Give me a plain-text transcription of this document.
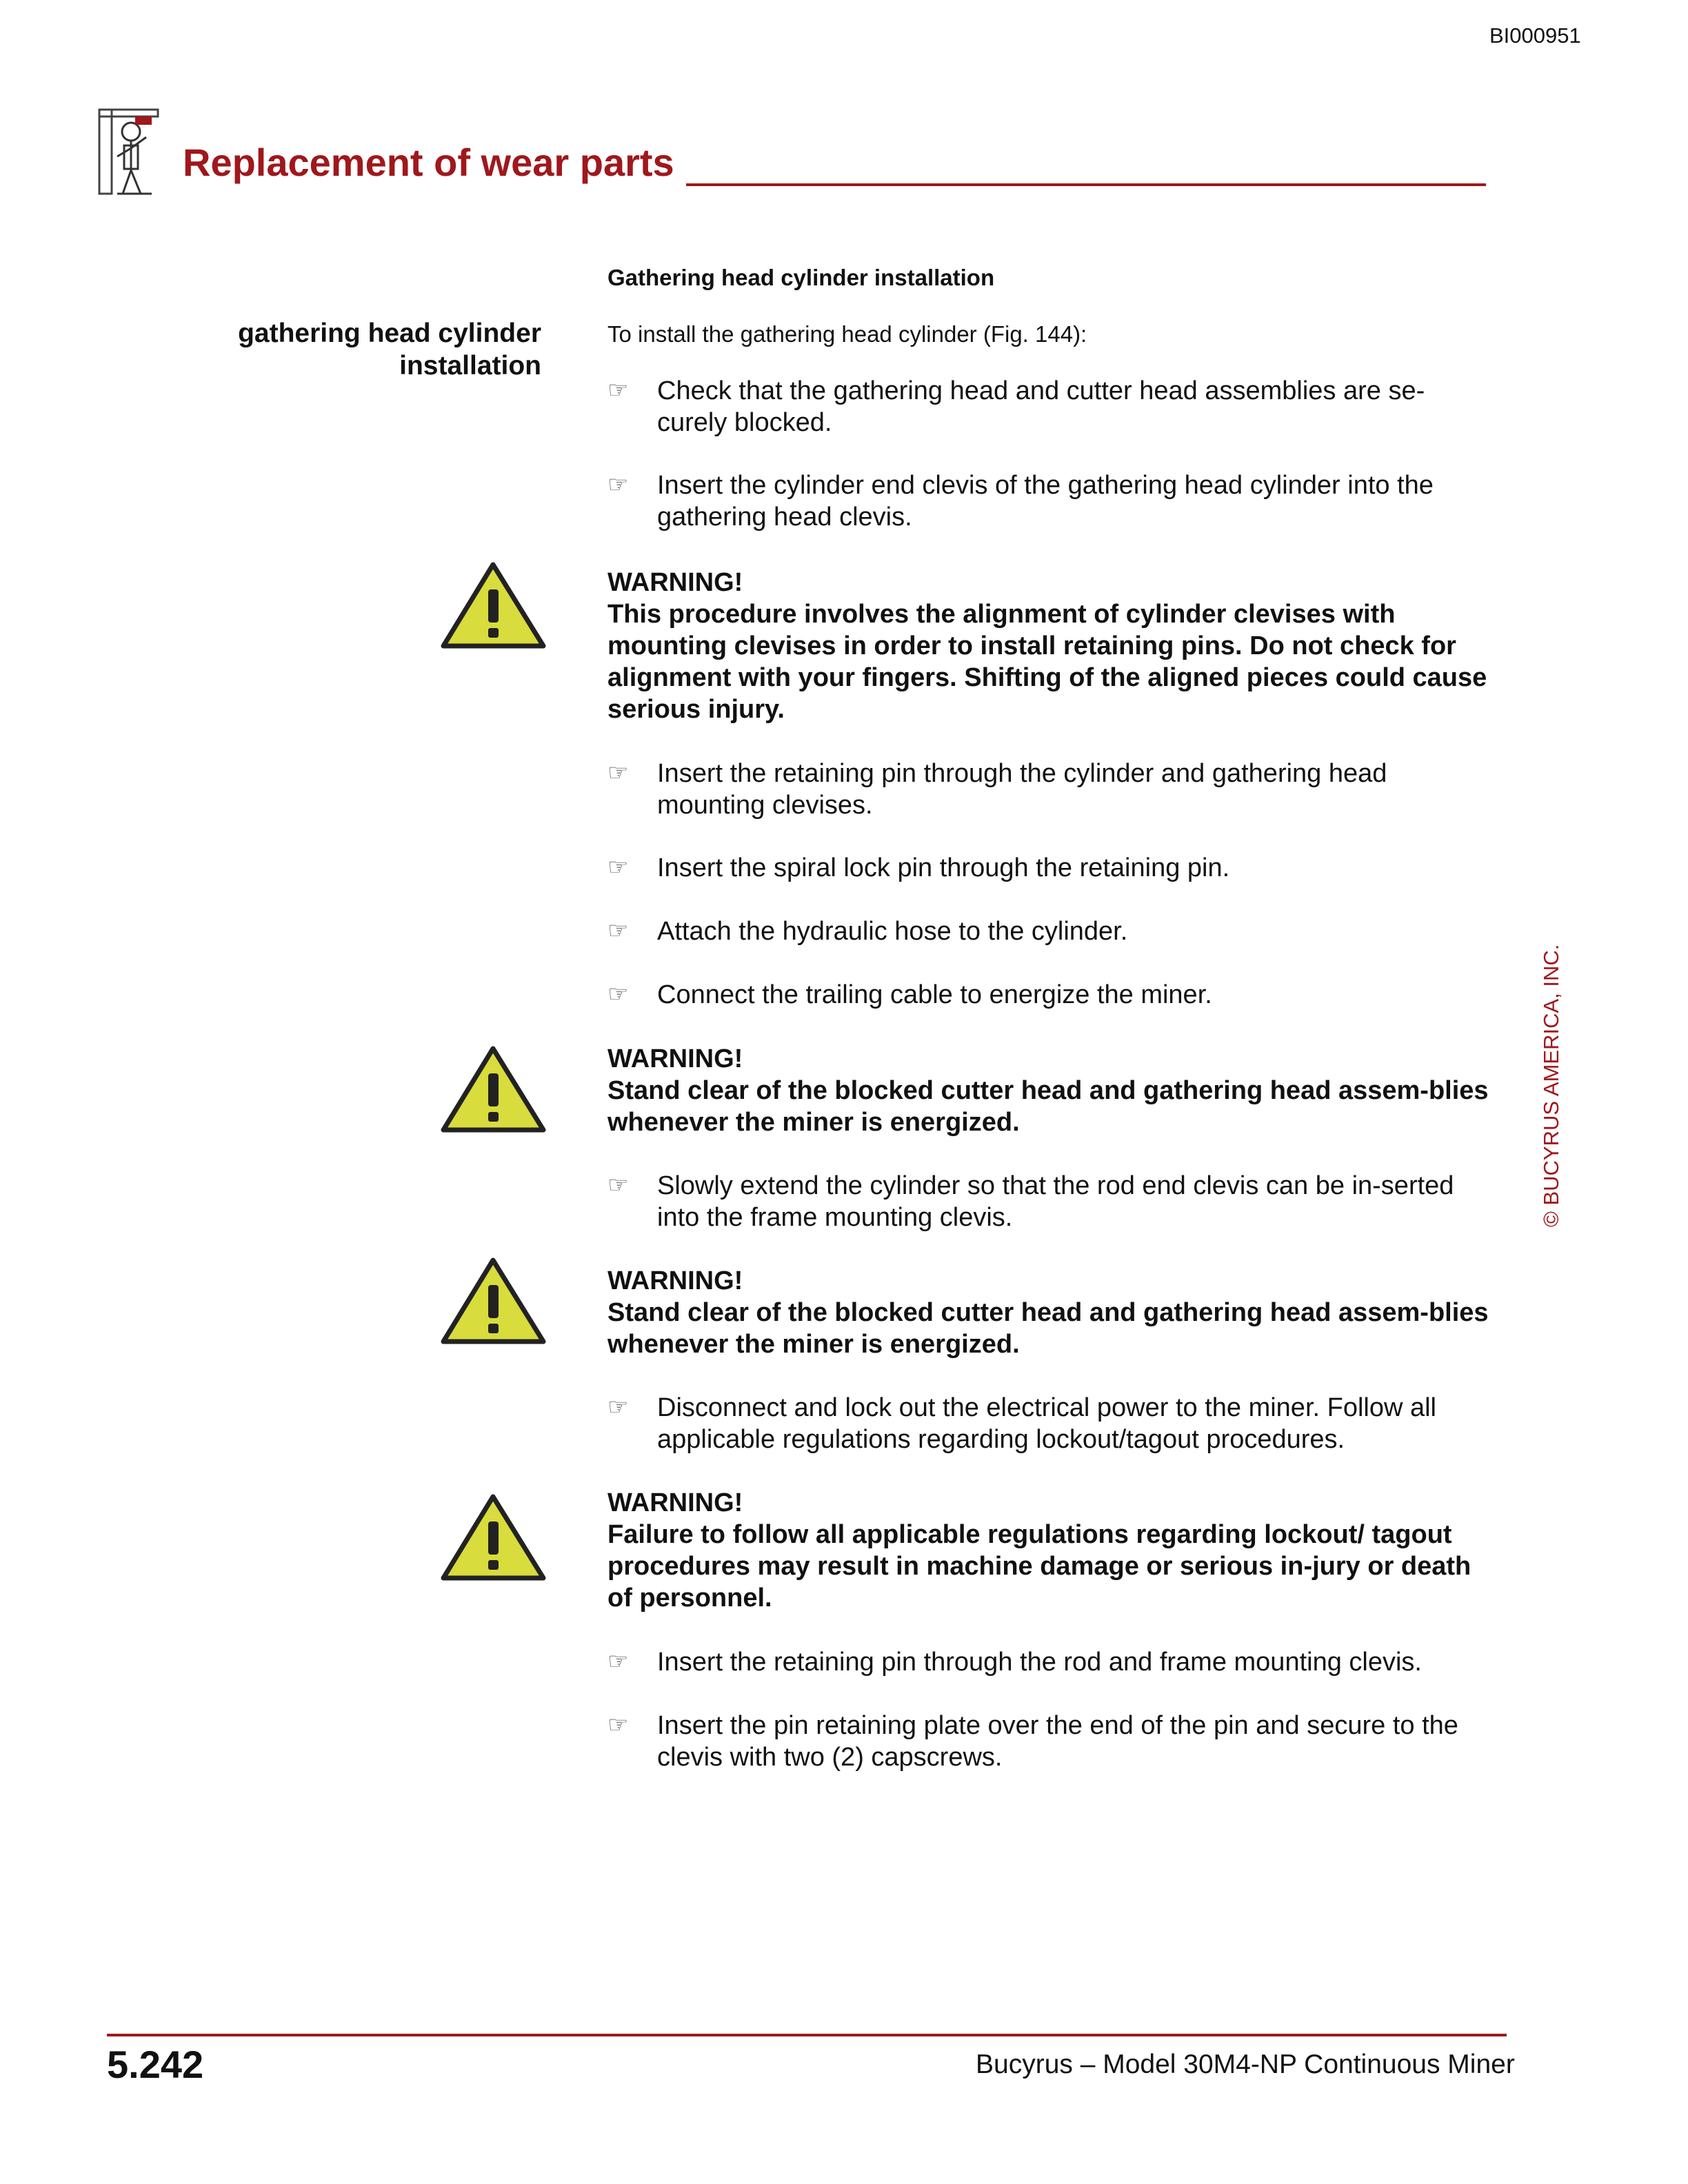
BI000951
Replacement of wear parts
Gathering head cylinder installation
gathering head cylinder
installation

To install the gathering head cylinder (Fig. 144):

☞ Check that the gathering head and cutter head assemblies are se-curely blocked.

☞ Insert the cylinder end clevis of the gathering head cylinder into the gathering head clevis.

WARNING!

This procedure involves the alignment of cylinder clevises with mounting clevises in order to install retaining pins. Do not check for alignment with your fingers. Shifting of the aligned pieces could cause serious injury.

☞ Insert the retaining pin through the cylinder and gathering head mounting clevises.

☞ Insert the spiral lock pin through the retaining pin.

☞ Attach the hydraulic hose to the cylinder.

☞ Connect the trailing cable to energize the miner.

WARNING!

Stand clear of the blocked cutter head and gathering head assem-blies whenever the miner is energized.

☞ Slowly extend the cylinder so that the rod end clevis can be in-serted into the frame mounting clevis.

WARNING!

Stand clear of the blocked cutter head and gathering head assem-blies whenever the miner is energized.

☞ Disconnect and lock out the electrical power to the miner. Follow all applicable regulations regarding lockout/tagout procedures.

WARNING!

Failure to follow all applicable regulations regarding lockout/ tagout procedures may result in machine damage or serious in-jury or death of personnel.

☞ Insert the retaining pin through the rod and frame mounting clevis.

☞ Insert the pin retaining plate over the end of the pin and secure to the clevis with two (2) capscrews.

© BUCYRUS AMERICA, INC.

5.242	Bucyrus – Model 30M4-NP Continuous Miner
